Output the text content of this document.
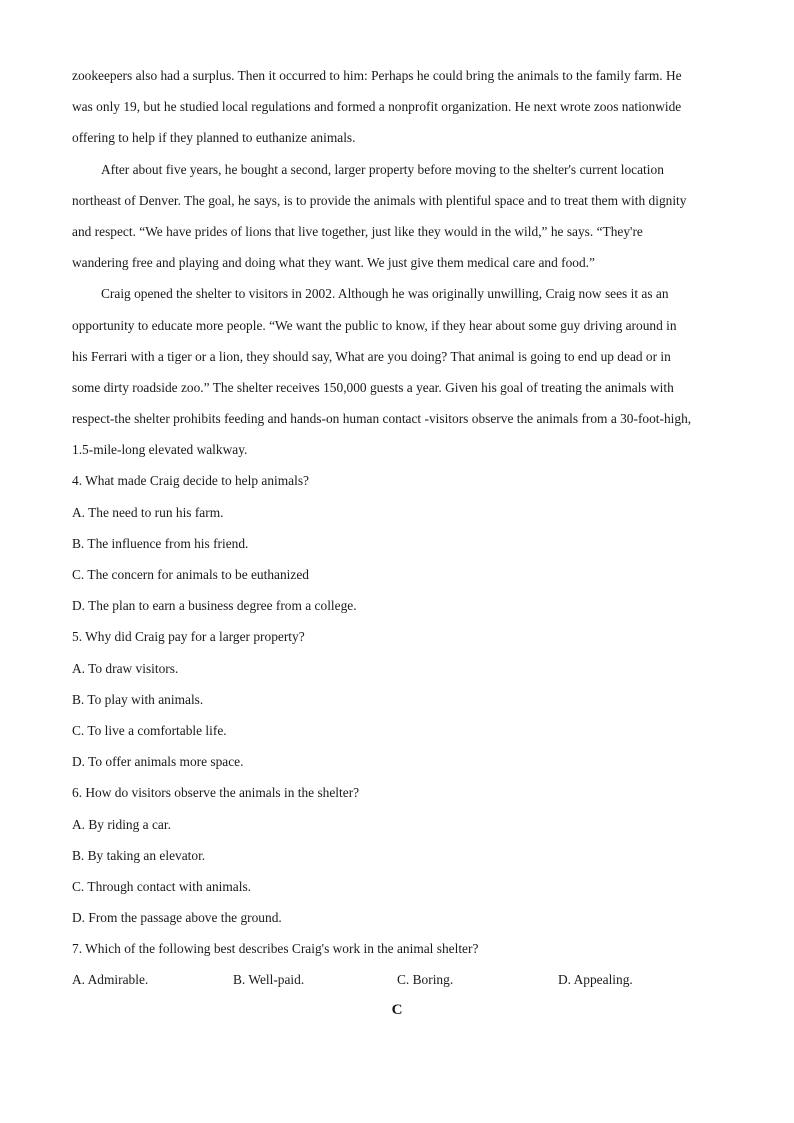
zookeepers also had a surplus. Then it occurred to him: Perhaps he could bring the animals to the family farm. He
was only 19, but he studied local regulations and formed a nonprofit organization. He next wrote zoos nationwide
offering to help if they planned to euthanize animals.
After about five years, he bought a second, larger property before moving to the shelter's current location
northeast of Denver. The goal, he says, is to provide the animals with plentiful space and to treat them with dignity
and respect. “We have prides of lions that live together, just like they would in the wild,” he says. “They're
wandering free and playing and doing what they want. We just give them medical care and food.”
Craig opened the shelter to visitors in 2002. Although he was originally unwilling, Craig now sees it as an
opportunity to educate more people. “We want the public to know, if they hear about some guy driving around in
his Ferrari with a tiger or a lion, they should say, What are you doing? That animal is going to end up dead or in
some dirty roadside zoo.” The shelter receives 150,000 guests a year. Given his goal of treating the animals with
respect-the shelter prohibits feeding and hands-on human contact -visitors observe the animals from a 30-foot-high,
1.5-mile-long elevated walkway.
4. What made Craig decide to help animals?
A. The need to run his farm.
B. The influence from his friend.
C. The concern for animals to be euthanized
D. The plan to earn a business degree from a college.
5. Why did Craig pay for a larger property?
A. To draw visitors.
B. To play with animals.
C. To live a comfortable life.
D. To offer animals more space.
6. How do visitors observe the animals in the shelter?
A. By riding a car.
B. By taking an elevator.
C. Through contact with animals.
D. From the passage above the ground.
7. Which of the following best describes Craig's work in the animal shelter?
A. Admirable.	B. Well-paid.	C. Boring.	D. Appealing.
C
